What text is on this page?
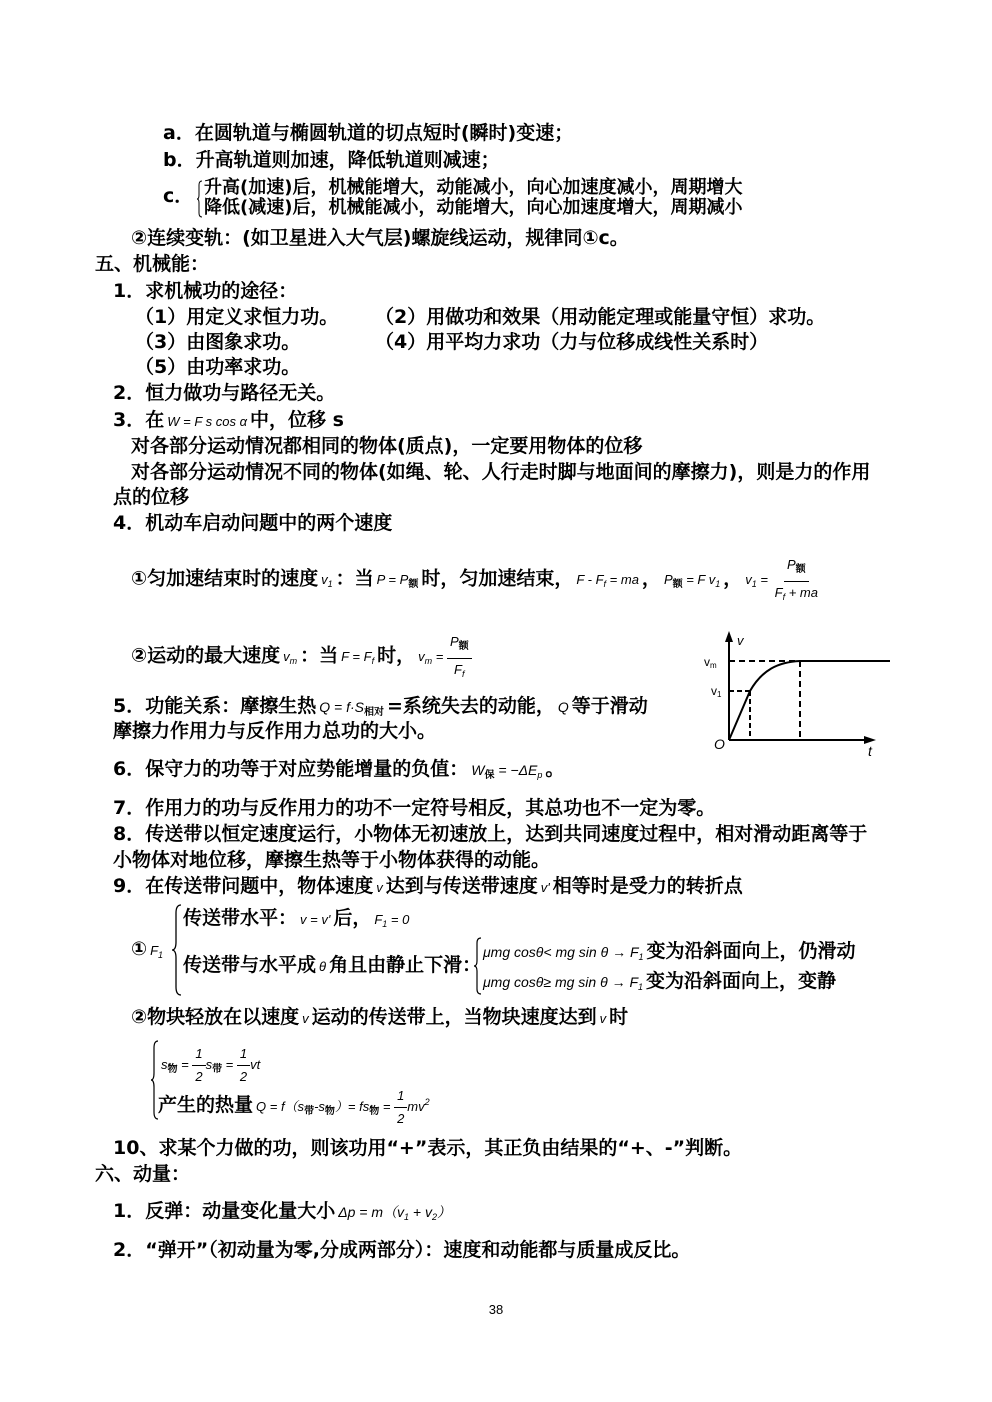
a．在圆轨道与椭圆轨道的切点短时(瞬时)变速；
b．升高轨道则加速，降低轨道则减速；
c． 升高(加速)后，机械能增大，动能减小，向心加速度减小，周期增大
降低(减速)后，机械能减小，动能增大，向心加速度增大，周期减小
②连续变轨：(如卫星进入大气层)螺旋线运动，规律同①c。
五、机械能：
1．求机械功的途径：
（1）用定义求恒力功。 （2）用做功和效果（用动能定理或能量守恒）求功。
（3）由图象求功。	（4）用平均力求功（力与位移成线性关系时）
（5）由功率求功。
2．恒力做功与路径无关。
3．在 W = F s cos α 中，位移 s
对各部分运动情况都相同的物体(质点)，一定要用物体的位移
对各部分运动情况不同的物体(如绳、轮、人行走时脚与地面间的摩擦力)，则是力的作用
点的位移
4．机动车启动问题中的两个速度
①匀加速结束时的速度 $v_1$ ：当 $P = P_额$ 时，匀加速结束， F - $F_f$ = ma ， $P_额 = F$ $v_1$ ， $v_1 = \frac{P_额}{F_f + ma}$
②运动的最大速度 $v_m$ ：当 $F = F_f$ 时， $v_m = \frac{P_额}{F_f}$	v
vm
v1
O	t
5．功能关系：摩擦生热 $Q = f\cdot S_{相对}$ =系统失去的动能， Q 等于滑动
摩擦力作用力与反作用力总功的大小。
6．保守力的功等于对应势能增量的负值： $W_保 = -\Delta E_p$ 。
7．作用力的功与反作用力的功不一定符号相反，其总功也不一定为零。
8．传送带以恒定速度运行，小物体无初速放上，达到共同速度过程中，相对滑动距离等于
小物体对地位移，摩擦生热等于小物体获得的动能。
9．在传送带问题中，物体速度 v 达到与传送带速度 v' 相等时是受力的转折点
① $F_1$
传送带水平： v = v' 后， $F_1 = 0$
传送带与水平成 θ 角且由静止下滑：
μmg cosθ< mg $\sin \theta \to F_1$ 变为沿斜面向上，仍滑动
μmg cosθ≥ mg $\sin \theta \to F_1$ 变为沿斜面向上，变静
②物块轻放在以速度 v 运动的传送带上，当物块速度达到 v 时
$s_物 = \frac{1}{2} s_带 = \frac{1}{2}$ vt
产生的热量 $Q = f(s_带-s_物)= fs_物 = \frac{1}{2} mv^2$
10、求某个力做的功，则该功用“+”表示，其正负由结果的“+、-”判断。
六、动量：
1．反弹：动量变化量大小 $\Delta p = m(v_1 + v_2)$
2．“弹开”（初动量为零,分成两部分）：速度和动能都与质量成反比。
38
